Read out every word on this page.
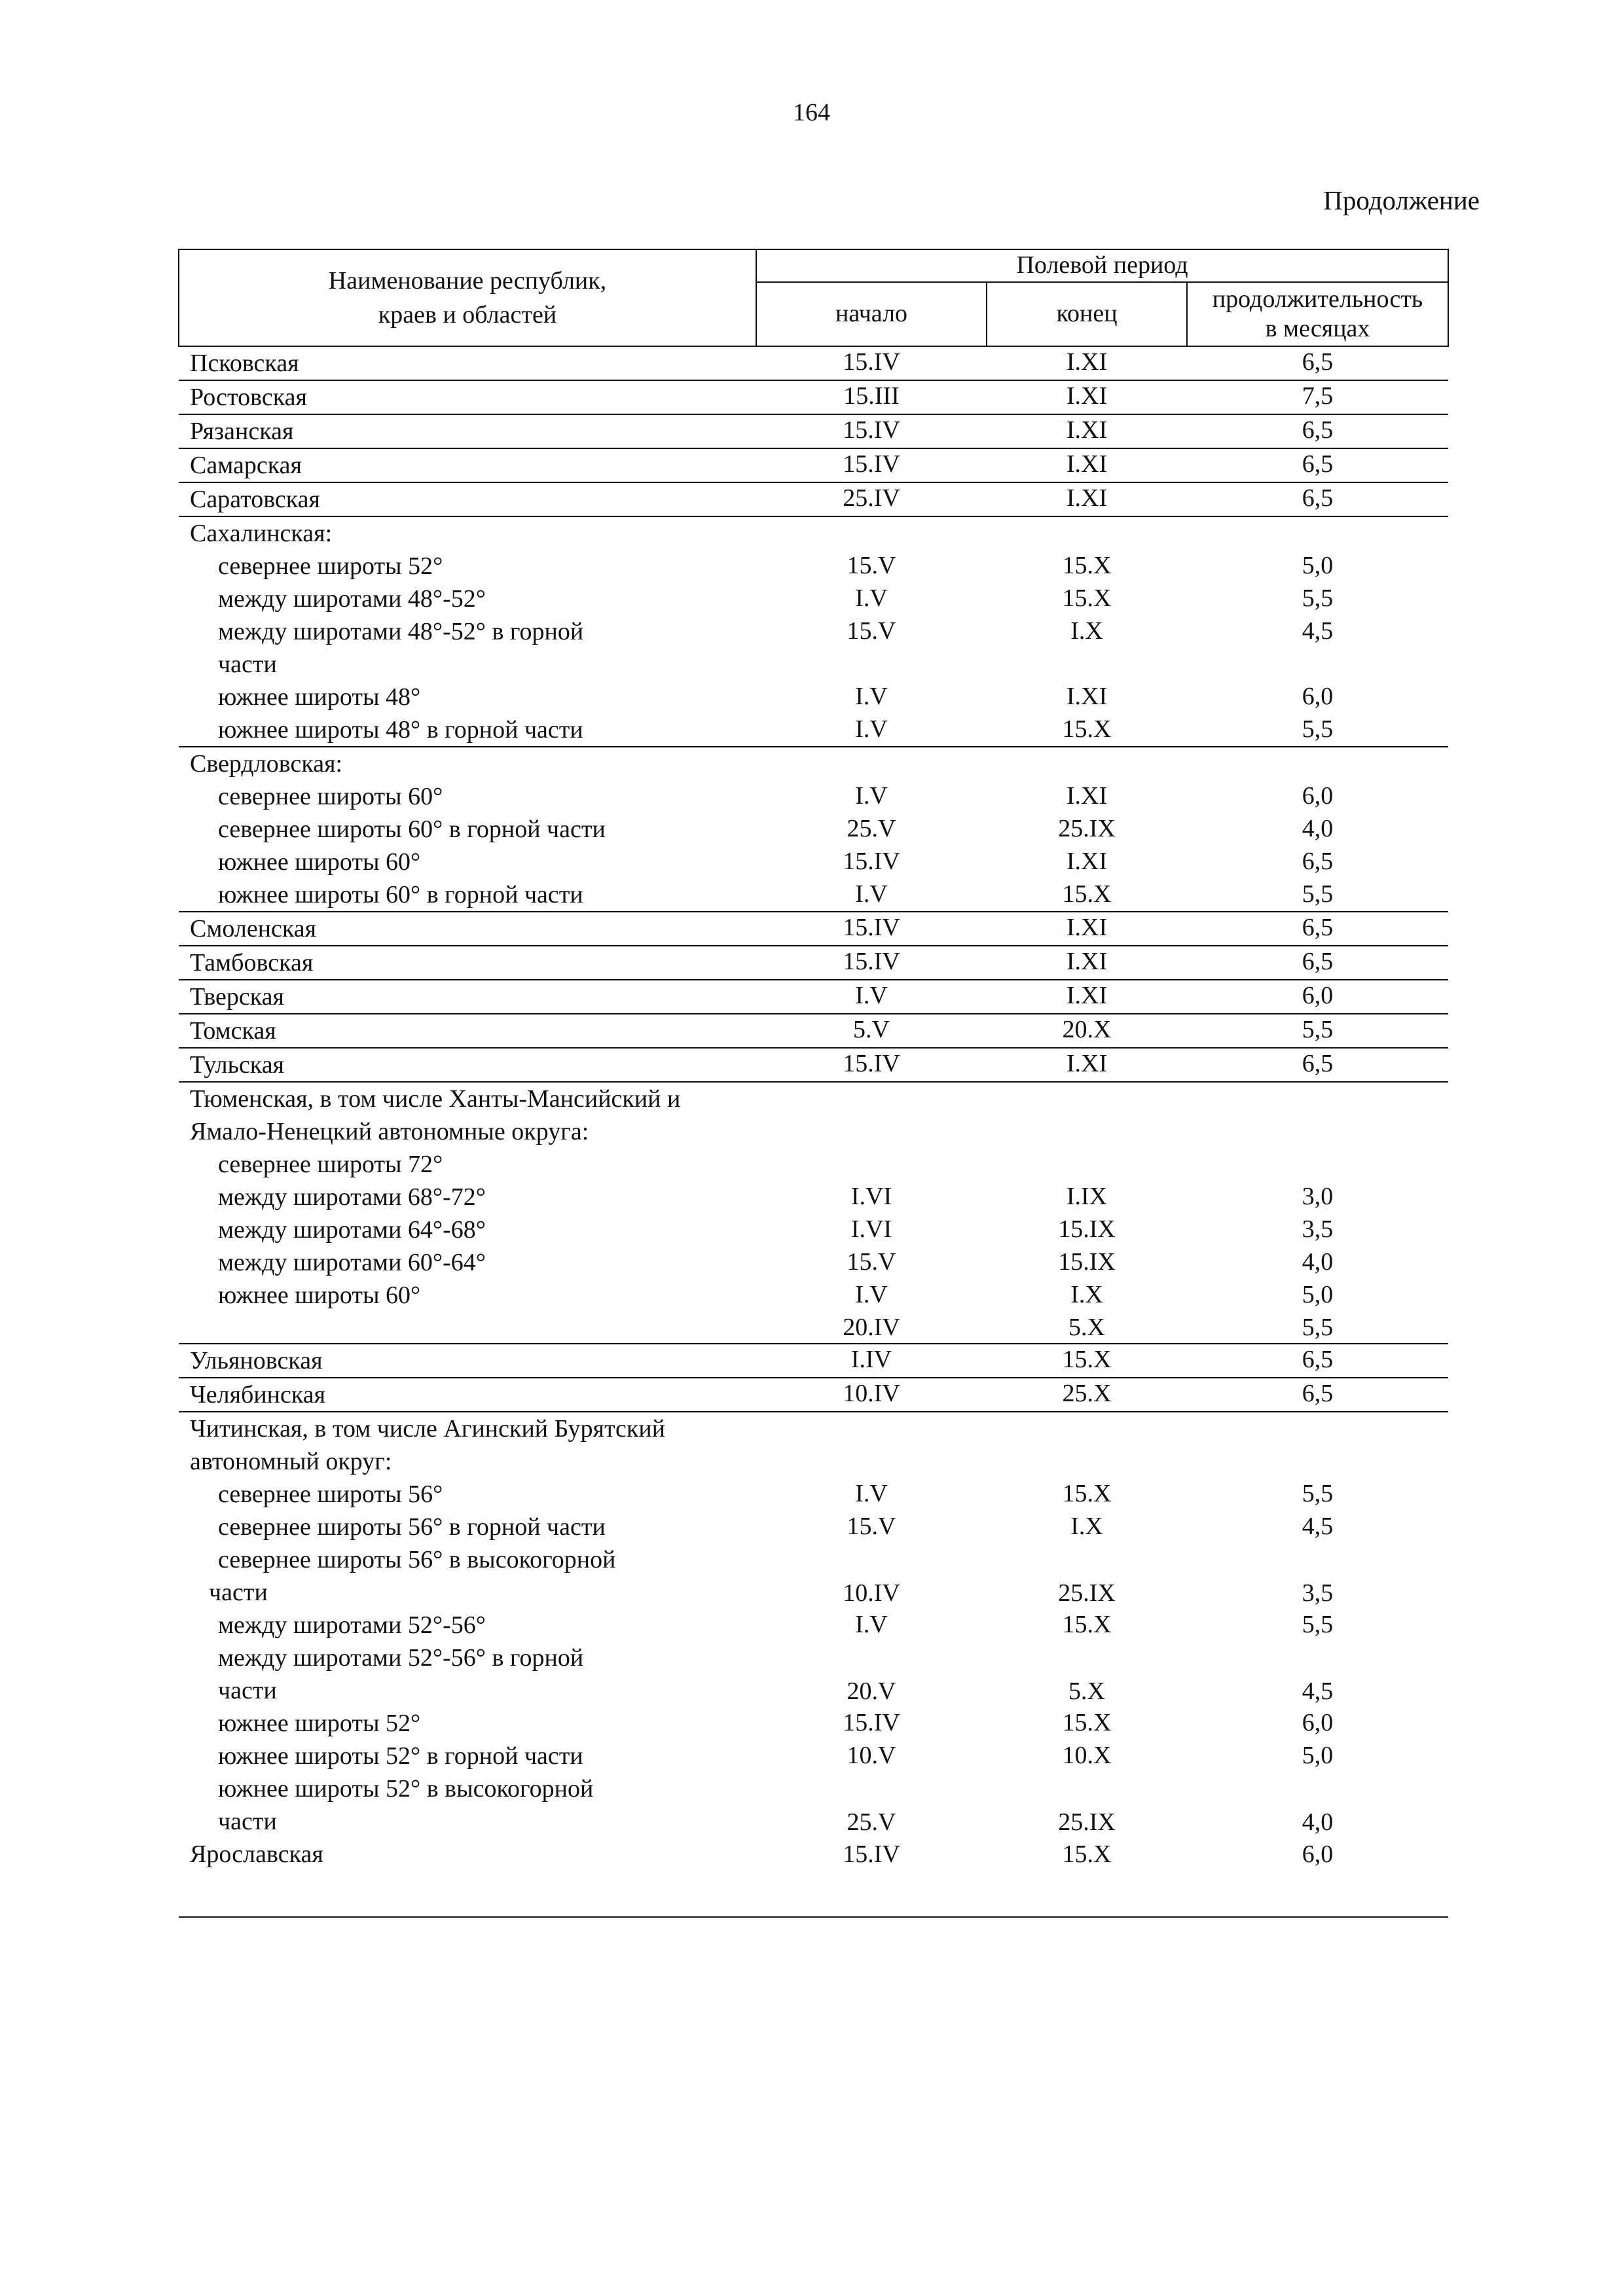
164
Продолжение
Наименование республик,
краев и областей	Полевой период		
	начало	конец	продолжительность
в месяцах
Псковская	15.IV	I.XI	6,5
Ростовская	15.III	I.XI	7,5
Рязанская	15.IV	I.XI	6,5
Самарская	15.IV	I.XI	6,5
Саратовская	25.IV	I.XI	6,5
Сахалинская:			
севернее широты 52°	15.V	15.X	5,0
между широтами 48°-52°	I.V	15.X	5,5
между широтами 48°-52° в горной
части	15.V	I.X	4,5
южнее широты 48°	I.V	I.XI	6,0
южнее широты 48° в горной части	I.V	15.X	5,5
Свердловская:			
севернее широты 60°	I.V	I.XI	6,0
севернее широты 60° в горной части	25.V	25.IX	4,0
южнее широты 60°	15.IV	I.XI	6,5
южнее широты 60° в горной части	I.V	15.X	5,5
Смоленская	15.IV	I.XI	6,5
Тамбовская	15.IV	I.XI	6,5
Тверская	I.V	I.XI	6,0
Томская	5.V	20.X	5,5
Тульская	15.IV	I.XI	6,5
Тюменская, в том числе Ханты-Мансийский и
Ямало-Ненецкий автономные округа:			
севернее широты 72°			
между широтами 68°-72°	I.VI	I.IX	3,0
между широтами 64°-68°	I.VI	15.IX	3,5
между широтами 60°-64°	15.V	15.IX	4,0
южнее широты 60°	I.V	I.X	5,0
	20.IV	5.X	5,5
Ульяновская	I.IV	15.X	6,5
Челябинская	10.IV	25.X	6,5
Читинская, в том числе Агинский Бурятский
автономный округ:			
севернее широты 56°	I.V	15.X	5,5
севернее широты 56° в горной части	15.V	I.X	4,5
севернее широты 56° в высокогорной
части	10.IV	25.IX	3,5
между широтами 52°-56°	I.V	15.X	5,5
между широтами 52°-56° в горной
части	20.V	5.X	4,5
южнее широты 52°	15.IV	15.X	6,0
южнее широты 52° в горной части	10.V	10.X	5,0
южнее широты 52° в высокогорной
части	25.V	25.IX	4,0
Ярославская	15.IV	15.X	6,0
